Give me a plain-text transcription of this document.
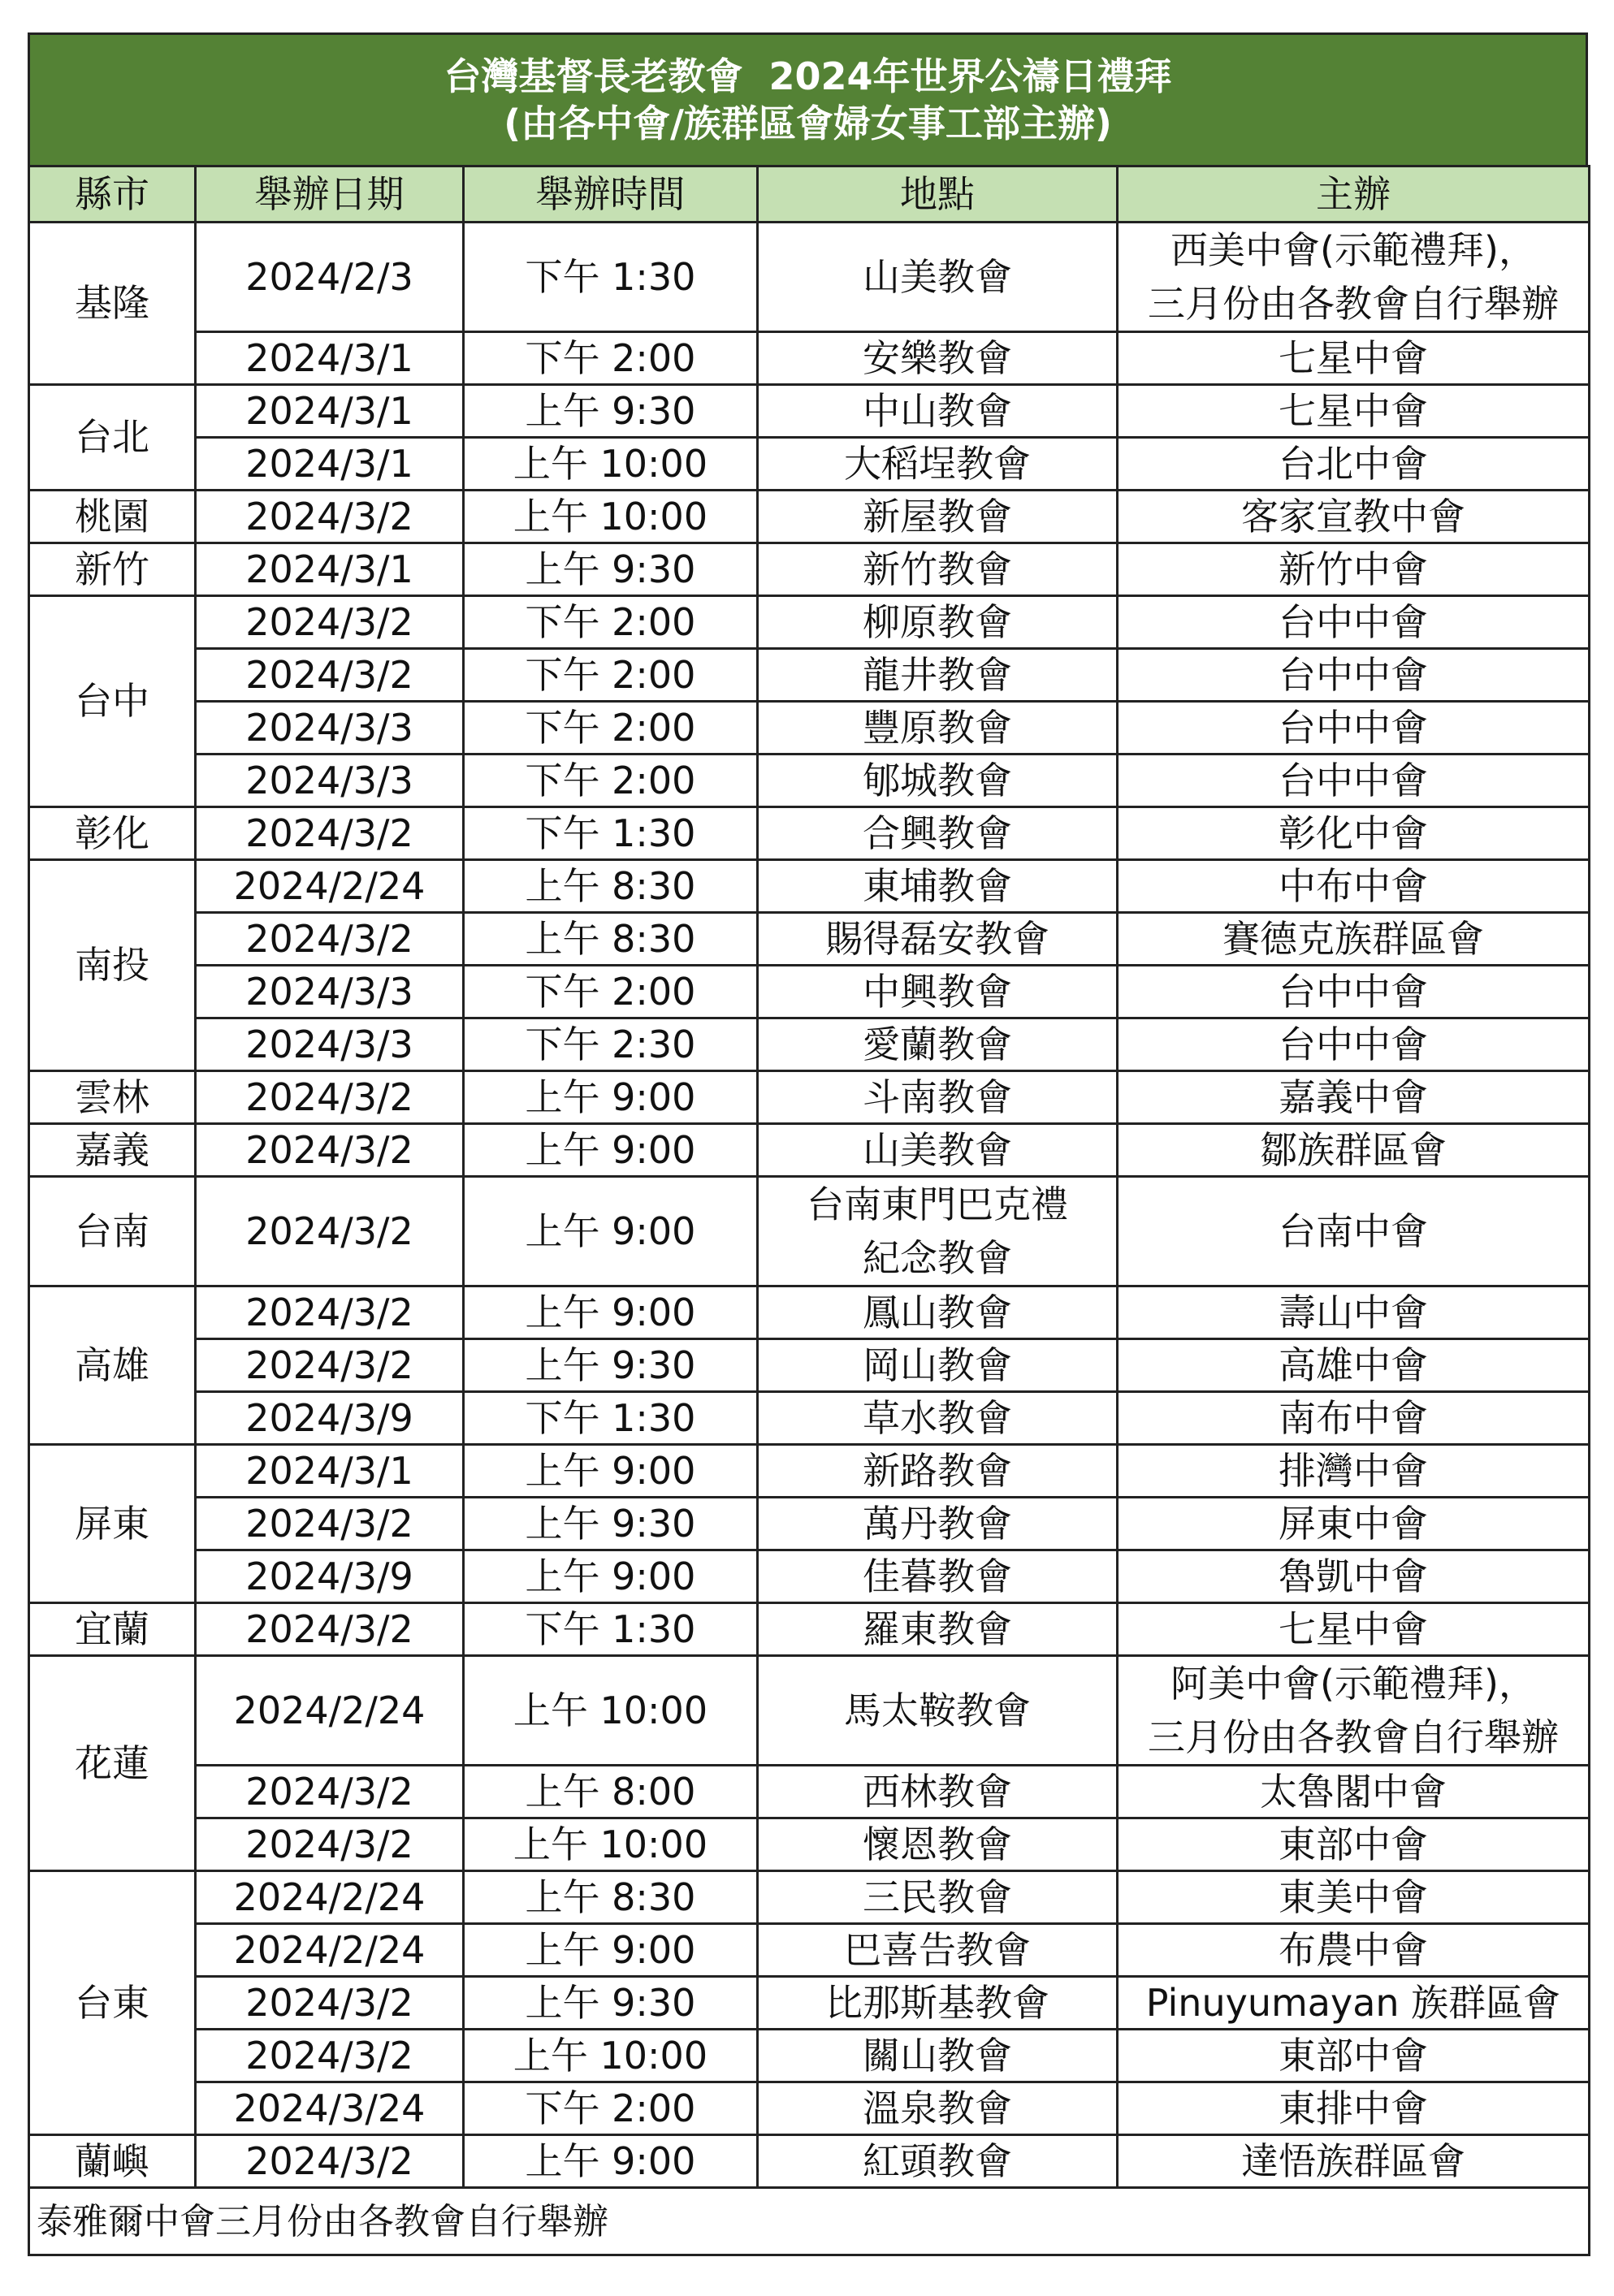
台灣基督長老教會  2024年世界公禱日禮拜
(由各中會/族群區會婦女事工部主辦)
縣市	舉辦日期	舉辦時間	地點	主辦
基隆	2024/2/3	下午 1:30	山美教會	西美中會(示範禮拜)，
三月份由各教會自行舉辦

	2024/3/1	下午 2:00	安樂教會	七星中會
台北	2024/3/1	上午 9:30	中山教會	七星中會
	2024/3/1	上午 10:00	大稻埕教會	台北中會
桃園	2024/3/2	上午 10:00	新屋教會	客家宣教中會
新竹	2024/3/1	上午 9:30	新竹教會	新竹中會
台中	2024/3/2	下午 2:00	柳原教會	台中中會
	2024/3/2	下午 2:00	龍井教會	台中中會
	2024/3/3	下午 2:00	豐原教會	台中中會
	2024/3/3	下午 2:00	郇城教會	台中中會
彰化	2024/3/2	下午 1:30	合興教會	彰化中會
南投	2024/2/24	上午 8:30	東埔教會	中布中會
	2024/3/2	上午 8:30	賜得磊安教會	賽德克族群區會
	2024/3/3	下午 2:00	中興教會	台中中會
	2024/3/3	下午 2:30	愛蘭教會	台中中會
雲林	2024/3/2	上午 9:00	斗南教會	嘉義中會
嘉義	2024/3/2	上午 9:00	山美教會	鄒族群區會
台南	2024/3/2	上午 9:00	台南東門巴克禮
紀念教會	台南中會
高雄	2024/3/2	上午 9:00	鳳山教會	壽山中會
	2024/3/2	上午 9:30	岡山教會	高雄中會
	2024/3/9	下午 1:30	草水教會	南布中會
屏東	2024/3/1	上午 9:00	新路教會	排灣中會
	2024/3/2	上午 9:30	萬丹教會	屏東中會
	2024/3/9	上午 9:00	佳暮教會	魯凱中會
宜蘭	2024/3/2	下午 1:30	羅東教會	七星中會
花蓮	2024/2/24	上午 10:00	馬太鞍教會	阿美中會(示範禮拜)，
三月份由各教會自行舉辦

	2024/3/2	上午 8:00	西林教會	太魯閣中會
	2024/3/2	上午 10:00	懷恩教會	東部中會
台東	2024/2/24	上午 8:30	三民教會	東美中會
	2024/2/24	上午 9:00	巴喜告教會	布農中會
	2024/3/2	上午 9:30	比那斯基教會	Pinuyumayan 族群區會
	2024/3/2	上午 10:00	關山教會	東部中會
	2024/3/24	下午 2:00	溫泉教會	東排中會
蘭嶼	2024/3/2	上午 9:00	紅頭教會	達悟族群區會
泰雅爾中會三月份由各教會自行舉辦				
